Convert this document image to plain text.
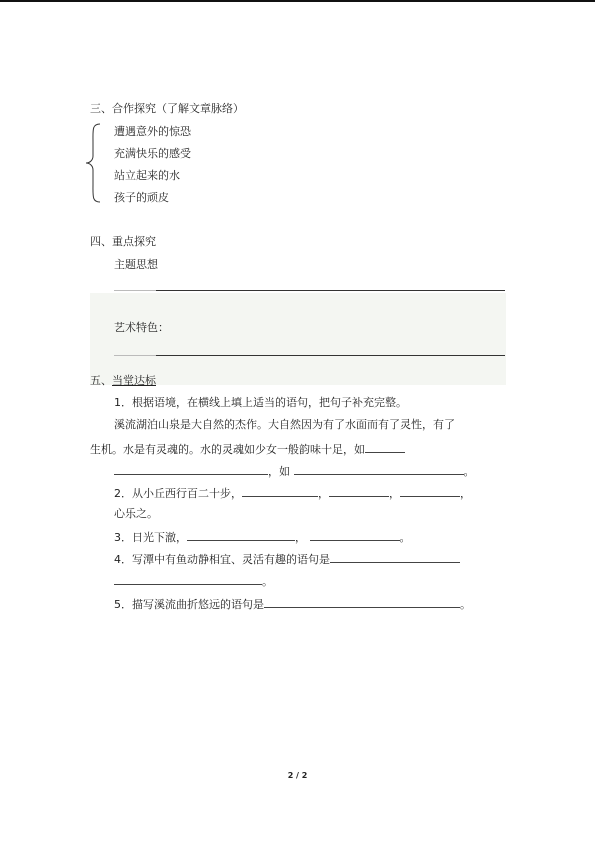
三、合作探究（了解文章脉络）
遭遇意外的惊恐
充满快乐的感受
站立起来的水
孩子的顽皮
四、重点探究
主题思想
艺术特色：
五、当堂达标
1．根据语境，在横线上填上适当的语句，把句子补充完整。
溪流湖泊山泉是大自然的杰作。大自然因为有了水面而有了灵性，有了
生机。水是有灵魂的。水的灵魂如少女一般韵味十足，如
，如	。
2．从小丘西行百二十步，	，	，	，
心乐之。
3．日光下澈，	，	。
4．写潭中有鱼动静相宜、灵活有趣的语句是
。
5．描写溪流曲折悠远的语句是	。
2 / 2
